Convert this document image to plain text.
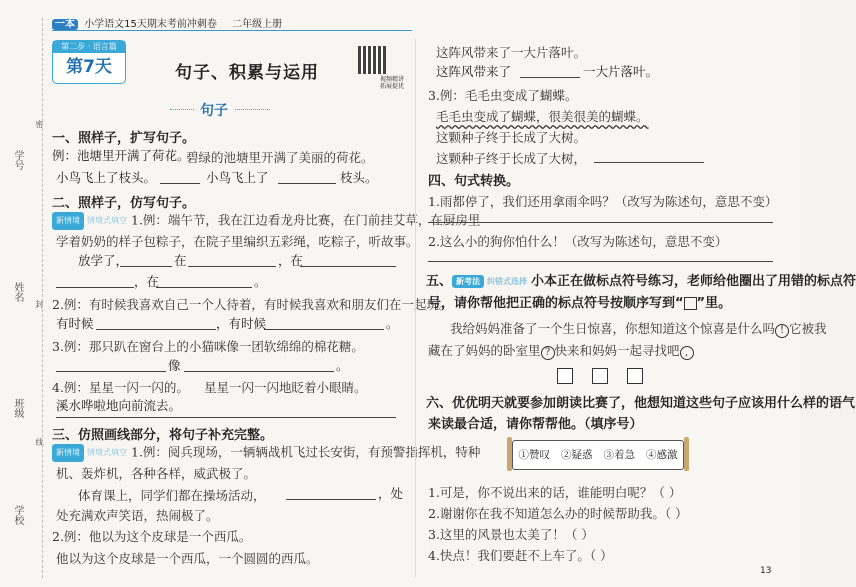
学号
姓名
班级
学校
密
封
线
一本 小学语文15天期末考前冲刺卷 二年级上册
第二步 · 语言篇
第7天	句子、积累与运用	视频精讲
拓展提优
句子
一、照样子，扩写句子。
例：池塘里开满了荷花。
碧绿的池塘里开满了美丽的荷花。
小鸟飞上了枝头。	小鸟飞上了	枝头。
二、照样子，仿写句子。
新情境 情境式填空 1.例：端午节，我在江边看龙舟比赛，在门前挂艾草，在厨房里
学着奶奶的样子包粽子，在院子里编织五彩绳，吃粽子，听故事。
放学了，	在	，在
，在	。
2.例：有时候我喜欢自己一个人待着，有时候我喜欢和朋友们在一起玩。
有时候	，有时候	。
3.例：那只趴在窗台上的小猫咪像一团软绵绵的棉花糖。
像	。
4.例：星星一闪一闪的。 星星一闪一闪地眨着小眼睛。
溪水哗啦地向前流去。
三、仿照画线部分，将句子补充完整。
新情境 情境式填空 1.例：阅兵现场，一辆辆战机飞过长安街，有预警指挥机，特种
机、轰炸机，各种各样，威武极了。
体育课上，同学们都在操场活动，	，处
处充满欢声笑语，热闹极了。
2.例：他以为这个皮球是一个西瓜。
他以为这个皮球是一个西瓜，一个圆圆的西瓜。
这阵风带来了一大片落叶。
这阵风带来了	一大片落叶。
3.例：毛毛虫变成了蝴蝶。
毛毛虫变成了蝴蝶，很美很美的蝴蝶。
这颗种子终于长成了大树。
这颗种子终于长成了大树，
四、句式转换。
1.雨都停了，我们还用拿雨伞吗？（改写为陈述句，意思不变）
2.这么小的狗你怕什么！（改写为陈述句，意思不变）
五、 新考法 纠错式选择 小本正在做标点符号练习，老师给他圈出了用错的标点符
号，请你帮他把正确的标点符号按顺序写到“ ”里。
我给妈妈准备了一个生日惊喜，你想知道这个惊喜是什么吗 ! 它被我
藏在了妈妈的卧室里 ? 快来和妈妈一起寻找吧 ,
六、优优明天就要参加朗读比赛了，他想知道这些句子应该用什么样的语气
来读最合适，请你帮帮他。（填序号）
①赞叹 ②疑惑 ③着急 ④感激
1.可是，你不说出来的话，谁能明白呢？（ ）
2.谢谢你在我不知道怎么办的时候帮助我。（ ）
3.这里的风景也太美了！（ ）
4.快点！我们要赶不上车了。（ ）
13
